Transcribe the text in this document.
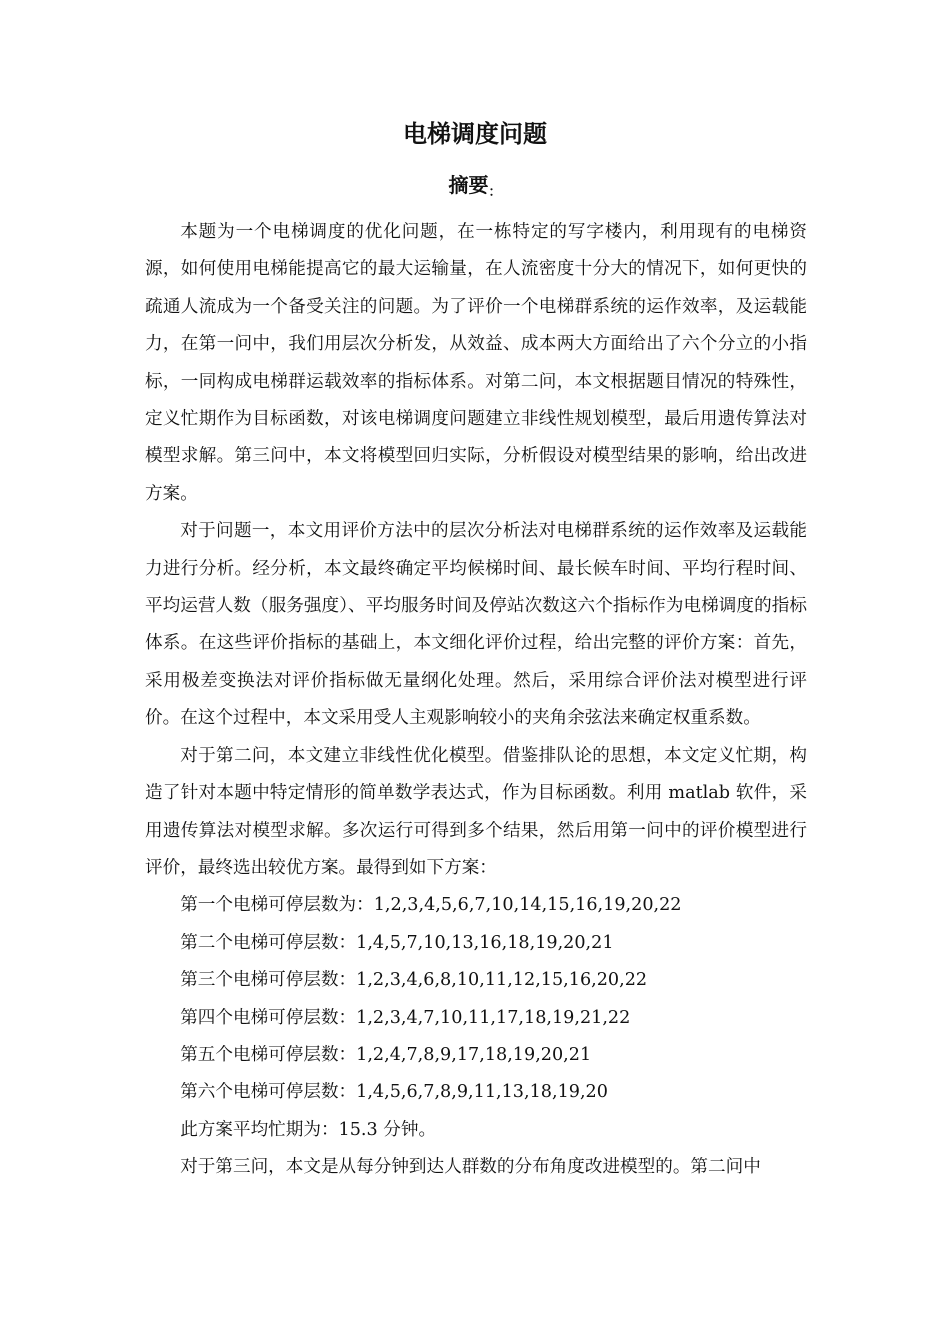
电梯调度问题
摘要$_:$

本题为一个电梯调度的优化问题，在一栋特定的写字楼内，利用现有的电梯资源，如何使用电梯能提高它的最大运输量，在人流密度十分大的情况下，如何更快的疏通人流成为一个备受关注的问题。为了评价一个电梯群系统的运作效率，及运载能力，在第一问中，我们用层次分析发，从效益、成本两大方面给出了六个分立的小指标，一同构成电梯群运载效率的指标体系。对第二问，本文根据题目情况的特殊性，定义忙期作为目标函数，对该电梯调度问题建立非线性规划模型，最后用遗传算法对模型求解。第三问中，本文将模型回归实际，分析假设对模型结果的影响，给出改进方案。

对于问题一，本文用评价方法中的层次分析法对电梯群系统的运作效率及运载能力进行分析。经分析，本文最终确定平均候梯时间、最长候车时间、平均行程时间、平均运营人数（服务强度）、平均服务时间及停站次数这六个指标作为电梯调度的指标体系。在这些评价指标的基础上，本文细化评价过程，给出完整的评价方案：首先，采用极差变换法对评价指标做无量纲化处理。然后，采用综合评价法对模型进行评价。在这个过程中，本文采用受人主观影响较小的夹角余弦法来确定权重系数。

对于第二问，本文建立非线性优化模型。借鉴排队论的思想，本文定义忙期，构造了针对本题中特定情形的简单数学表达式，作为目标函数。利用 matlab 软件，采用遗传算法对模型求解。多次运行可得到多个结果，然后用第一问中的评价模型进行评价，最终选出较优方案。最得到如下方案：

第一个电梯可停层数为：1,2,3,4,5,6,7,10,14,15,16,19,20,22
第二个电梯可停层数：1,4,5,7,10,13,16,18,19,20,21
第三个电梯可停层数：1,2,3,4,6,8,10,11,12,15,16,20,22
第四个电梯可停层数：1,2,3,4,7,10,11,17,18,19,21,22
第五个电梯可停层数：1,2,4,7,8,9,17,18,19,20,21
第六个电梯可停层数：1,4,5,6,7,8,9,11,13,18,19,20
此方案平均忙期为：15.3 分钟。

对于第三问，本文是从每分钟到达人群数的分布角度改进模型的。第二问中
